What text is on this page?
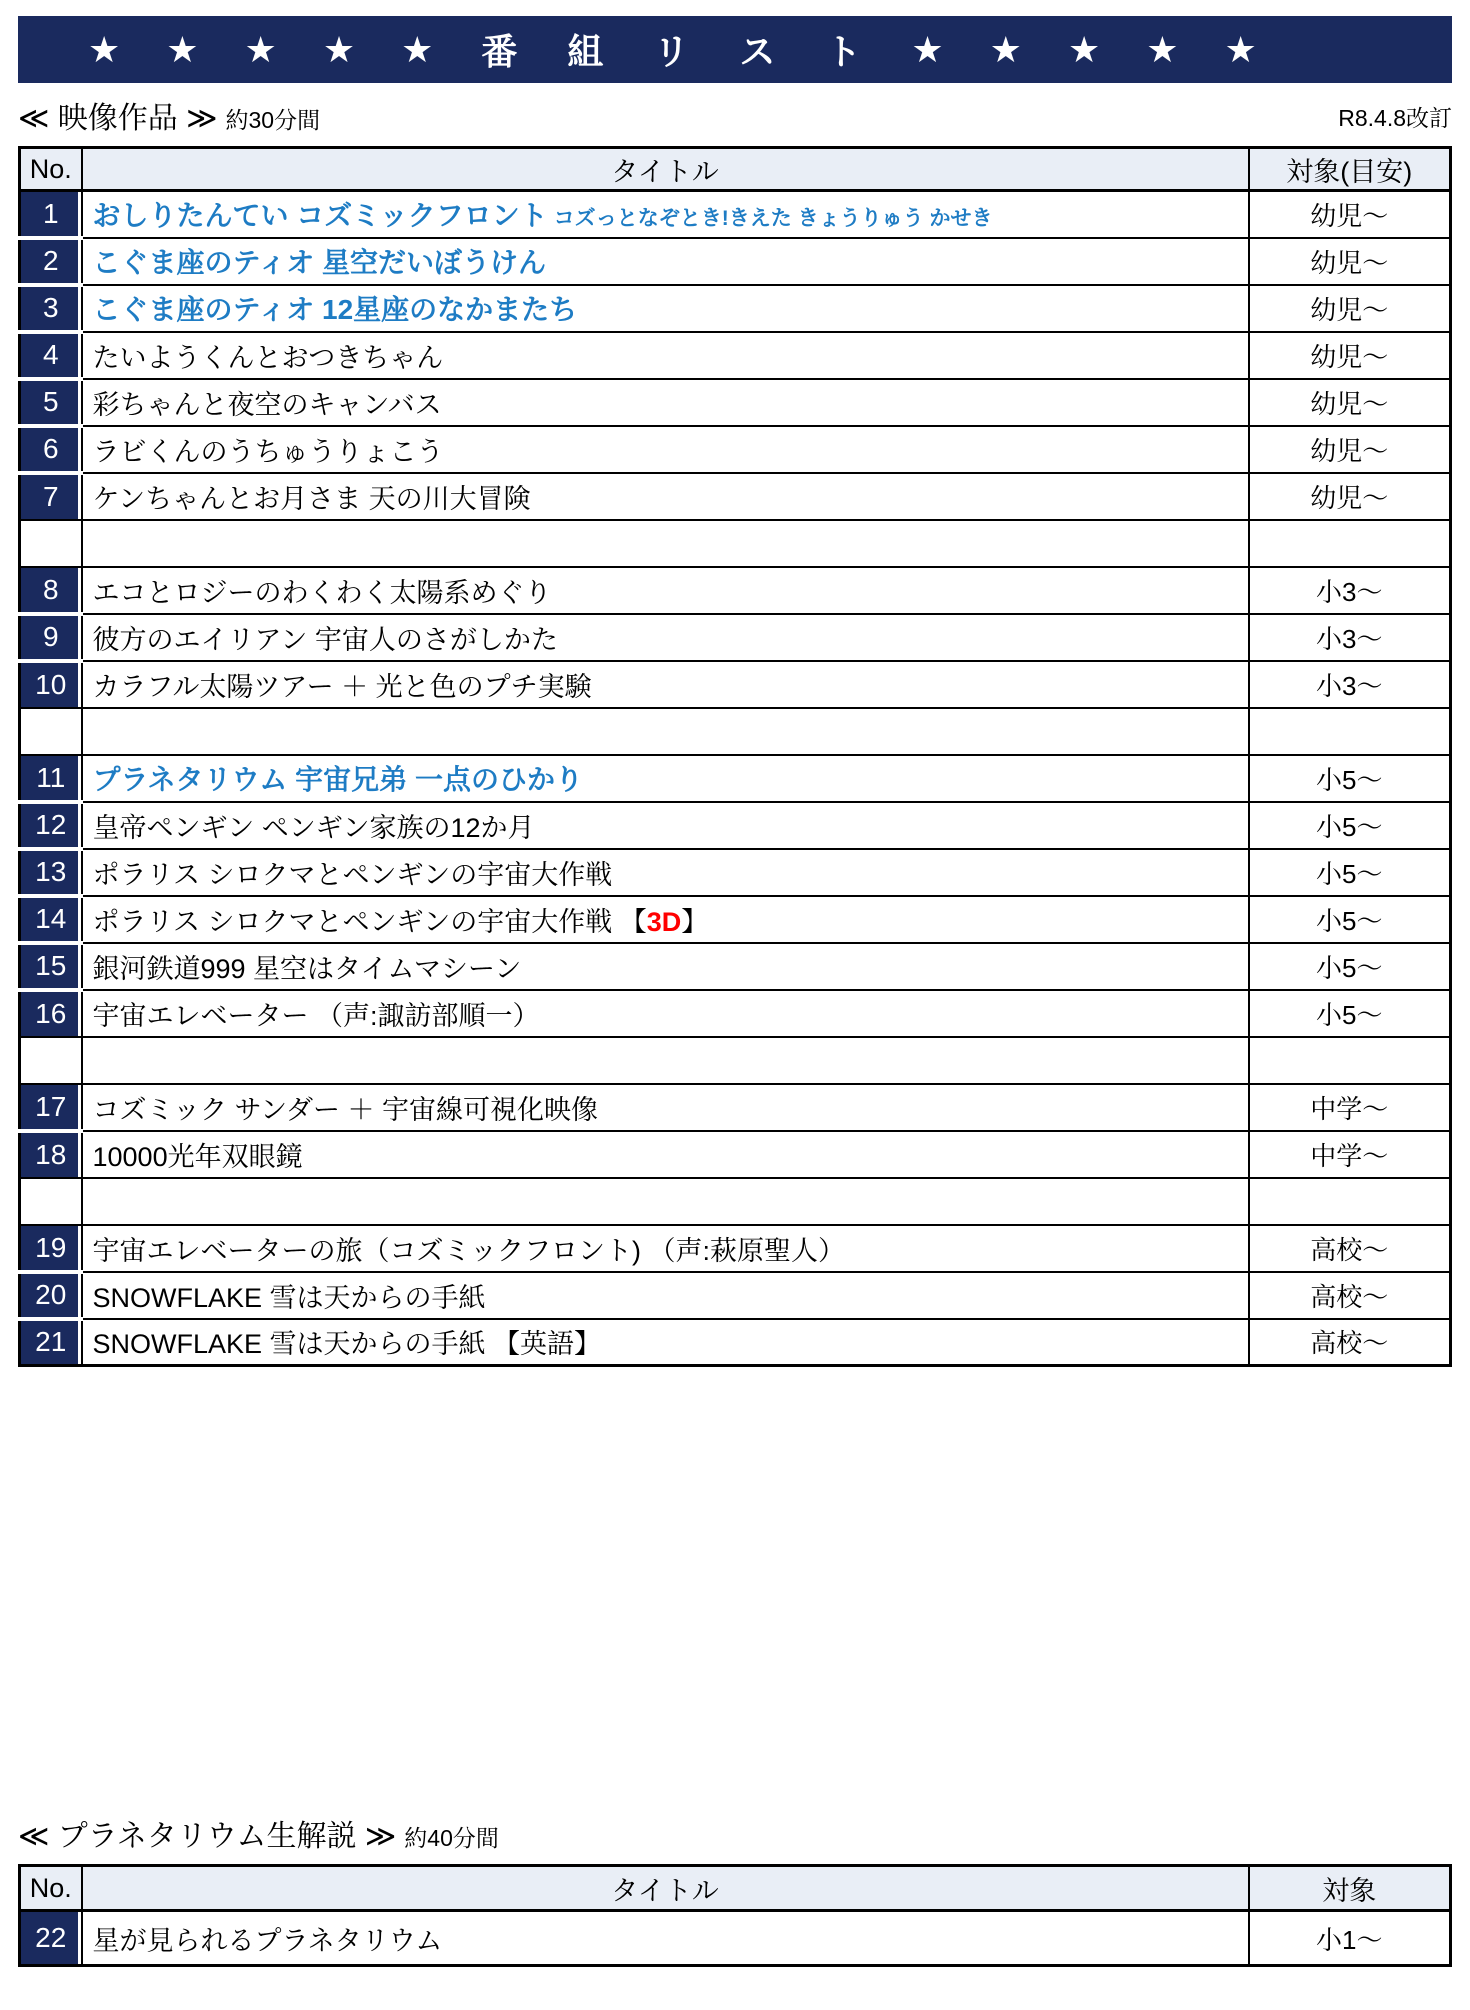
★ ★ ★ ★ ★ 番 組 リ ス ト ★ ★ ★ ★ ★
≪ 映像作品 ≫ 約30分間	R8.4.8改訂
No.	タイトル	対象(目安)
1	おしりたんてい コズミックフロント コズっとなぞとき!きえた きょうりゅう かせき	幼児～
2	こぐま座のティオ 星空だいぼうけん	幼児～
3	こぐま座のティオ 12星座のなかまたち	幼児～
4	たいようくんとおつきちゃん	幼児～
5	彩ちゃんと夜空のキャンバス	幼児～
6	ラビくんのうちゅうりょこう	幼児～
7	ケンちゃんとお月さま 天の川大冒険	幼児～

8	エコとロジーのわくわく太陽系めぐり	小3～
9	彼方のエイリアン 宇宙人のさがしかた	小3～
10	カラフル太陽ツアー ＋ 光と色のプチ実験	小3～

11	プラネタリウム 宇宙兄弟 一点のひかり	小5～
12	皇帝ペンギン ペンギン家族の12か月	小5～
13	ポラリス シロクマとペンギンの宇宙大作戦	小5～
14	ポラリス シロクマとペンギンの宇宙大作戦 【3D】	小5～
15	銀河鉄道999 星空はタイムマシーン	小5～
16	宇宙エレベーター （声:諏訪部順一）	小5～

17	コズミック サンダー ＋ 宇宙線可視化映像	中学～
18	10000光年双眼鏡	中学～

19	宇宙エレベーターの旅（コズミックフロント) （声:萩原聖人）	高校～
20	SNOWFLAKE 雪は天からの手紙	高校～
21	SNOWFLAKE 雪は天からの手紙 【英語】	高校～
≪ プラネタリウム生解説 ≫ 約40分間
No.	タイトル	対象
22	星が見られるプラネタリウム	小1～
